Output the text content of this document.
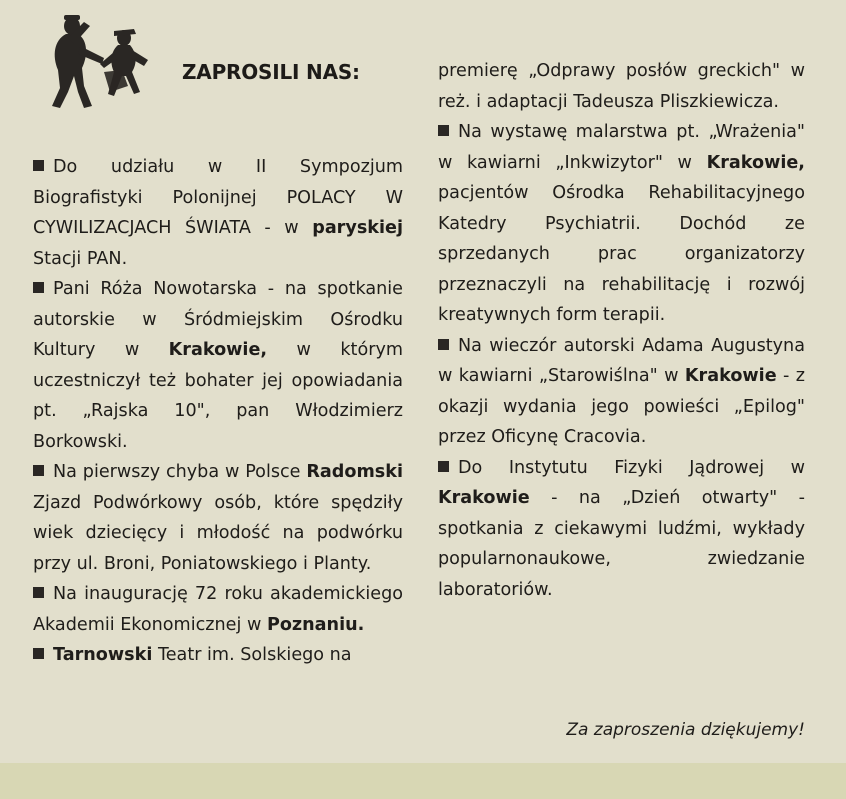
ZAPROSILI NAS:

Do udziału w II Sympozjum Biografistyki Polonijnej POLACY W CYWILIZACJACH ŚWIATA - w paryskiej Stacji PAN.

Pani Róża Nowotarska - na spotkanie autorskie w Śródmiejskim Ośrodku Kultury w Krakowie, w którym uczestniczył też bohater jej opowiadania pt. „Rajska 10", pan Włodzimierz Borkowski.

Na pierwszy chyba w Polsce Radomski Zjazd Podwórkowy osób, które spędziły wiek dziecięcy i młodość na podwórku przy ul. Broni, Poniatowskiego i Planty.

Na inaugurację 72 roku akademickiego Akademii Ekonomicznej w Poznaniu.

Tarnowski Teatr im. Solskiego na

premierę „Odprawy posłów greckich" w reż. i adaptacji Tadeusza Pliszkiewicza.

Na wystawę malarstwa pt. „Wrażenia" w kawiarni „Inkwizytor" w Krakowie, pacjentów Ośrodka Rehabilitacyjnego Katedry Psychiatrii. Dochód ze sprzedanych prac organizatorzy przeznaczyli na rehabilitację i rozwój kreatywnych form terapii.

Na wieczór autorski Adama Augustyna w kawiarni „Starowiślna" w Krakowie - z okazji wydania jego powieści „Epilog" przez Oficynę Cracovia.

Do Instytutu Fizyki Jądrowej w Krakowie - na „Dzień otwarty" - spotkania z ciekawymi ludźmi, wykłady popularnonaukowe, zwiedzanie laboratoriów.

Za zaproszenia dziękujemy!
